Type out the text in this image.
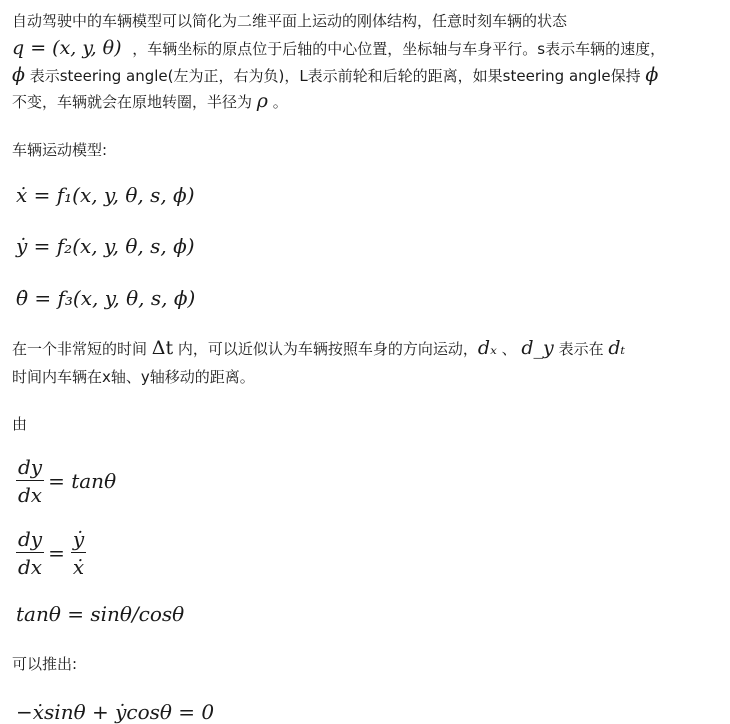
自动驾驶中的车辆模型可以简化为二维平面上运动的刚体结构，任意时刻车辆的状态
q = (x, y, θ) ，车辆坐标的原点位于后轴的中心位置，坐标轴与车身平行。s表示车辆的速度，
ϕ 表示steering angle(左为正，右为负)，L表示前轮和后轮的距离，如果steering angle保持 ϕ
不变，车辆就会在原地转圈，半径为 ρ 。
车辆运动模型:
ẋ = f₁(x, y, θ, s, ϕ)
ẏ = f₂(x, y, θ, s, ϕ)
θ̇ = f₃(x, y, θ, s, ϕ)
在一个非常短的时间 Δt 内，可以近似认为车辆按照车身的方向运动，dₓ 、 d_y 表示在 dₜ
时间内车辆在x轴、y轴移动的距离。
由
$\frac{dy}{dx} = \tan\theta$
$\frac{dy}{dx} = \frac{\text{ẏ}}{\text{ẋ}}$
tanθ = sinθ/cosθ
可以推出:
−ẋsinθ + ẏcosθ = 0
